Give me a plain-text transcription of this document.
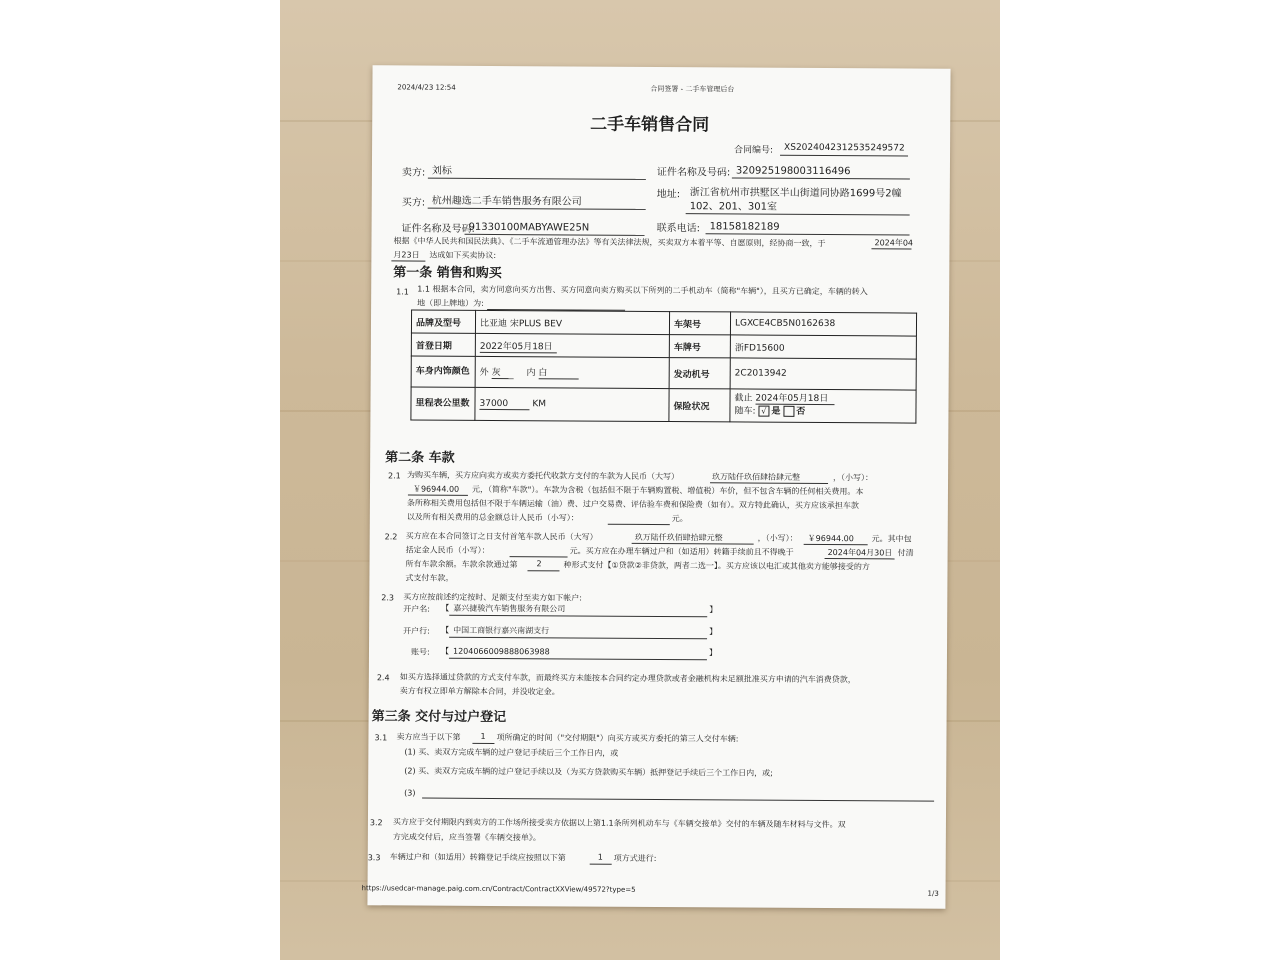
2024/4/23 12:54	合同签署 - 二手车管理后台
二手车销售合同
合同编号: XS2024042312535249572
卖方: 刘标	证件名称及号码: 320925198003116496
买方: 杭州趣选二手车销售服务有限公司
地址: 浙江省杭州市拱墅区半山街道同协路1699号2幢
102、201、301室
证件名称及号码:
91330100MABYAWE25N	联系电话: 18158182189
根据《中华人民共和国民法典》、《二手车流通管理办法》等有关法律法规，买卖双方本着平等、自愿原则，经协商一致，于	2024年04
月23日 达成如下买卖协议:
第一条 销售和购买
1.1 1.1 根据本合同，卖方同意向买方出售、买方同意向卖方购买以下所列的二手机动车（简称"车辆"），且买方已确定，车辆的转入
地（即上牌地）为:
品牌及型号	比亚迪 宋PLUS BEV	车架号	LGXCE4CB5N0162638
首登日期	2022年05月18日	车牌号	浙FD15600
车身内饰颜色	外 灰 内 白	发动机号	2C2013942
里程表公里数	37000 KM	保险状况	截止 2024年05月18日
随车: √ 是 否
第二条 车款
2.1 为购买车辆，买方应向卖方或卖方委托代收款方支付的车款为人民币（大写）	玖万陆仟玖佰肆拾肆元整	，（小写）：
￥96944.00 元，（简称"车款"）。车款为含税（包括但不限于车辆购置税、增值税）车价，但不包含车辆的任何相关费用。本
条所称相关费用包括但不限于车辆运输（油）费、过户交易费、评估验车费和保险费（如有）。双方特此确认，买方应该承担车款
以及所有相关费用的总金额总计人民币（小写）：	元。
2.2 买方应在本合同签订之日支付首笔车款人民币（大写）	玖万陆仟玖佰肆拾肆元整	，（小写）： ￥96944.00 元。其中包
括定金人民币（小写）：	元。买方应在办理车辆过户和（如适用）转籍手续前且不得晚于	2024年04月30日 付清
所有车款余额。车款余款通过第 2	种形式支付【①贷款②非贷款，两者二选一】。买方应该以电汇或其他卖方能够接受的方
式支付车款。
2.3 买方应按前述约定按时、足额支付至卖方如下帐户:
开户名: 【 嘉兴捷骏汽车销售服务有限公司	】
开户行: 【 中国工商银行嘉兴南湖支行	】
账号: 【 1204066009888063988	】
2.4 如买方选择通过贷款的方式支付车款，而最终买方未能按本合同约定办理贷款或者金融机构未足额批准买方申请的汽车消费贷款，
卖方有权立即单方解除本合同，并没收定金。
第三条 交付与过户登记
3.1 卖方应当于以下第 1 项所确定的时间（"交付期限"）向买方或买方委托的第三人交付车辆:
(1) 买、卖双方完成车辆的过户登记手续后三个工作日内，或
(2) 买、卖双方完成车辆的过户登记手续以及（为买方贷款购买车辆）抵押登记手续后三个工作日内，或;
(3)
3.2 买方应于交付期限内到卖方的工作场所接受卖方依据以上第1.1条所列机动车与《车辆交接单》交付的车辆及随车材料与文件。双
方完成交付后，应当签署《车辆交接单》。
3.3 车辆过户和（如适用）转籍登记手续应按照以下第	1 项方式进行:
https://usedcar-manage.paig.com.cn/Contract/ContractXXView/49572?type=5	1/3
